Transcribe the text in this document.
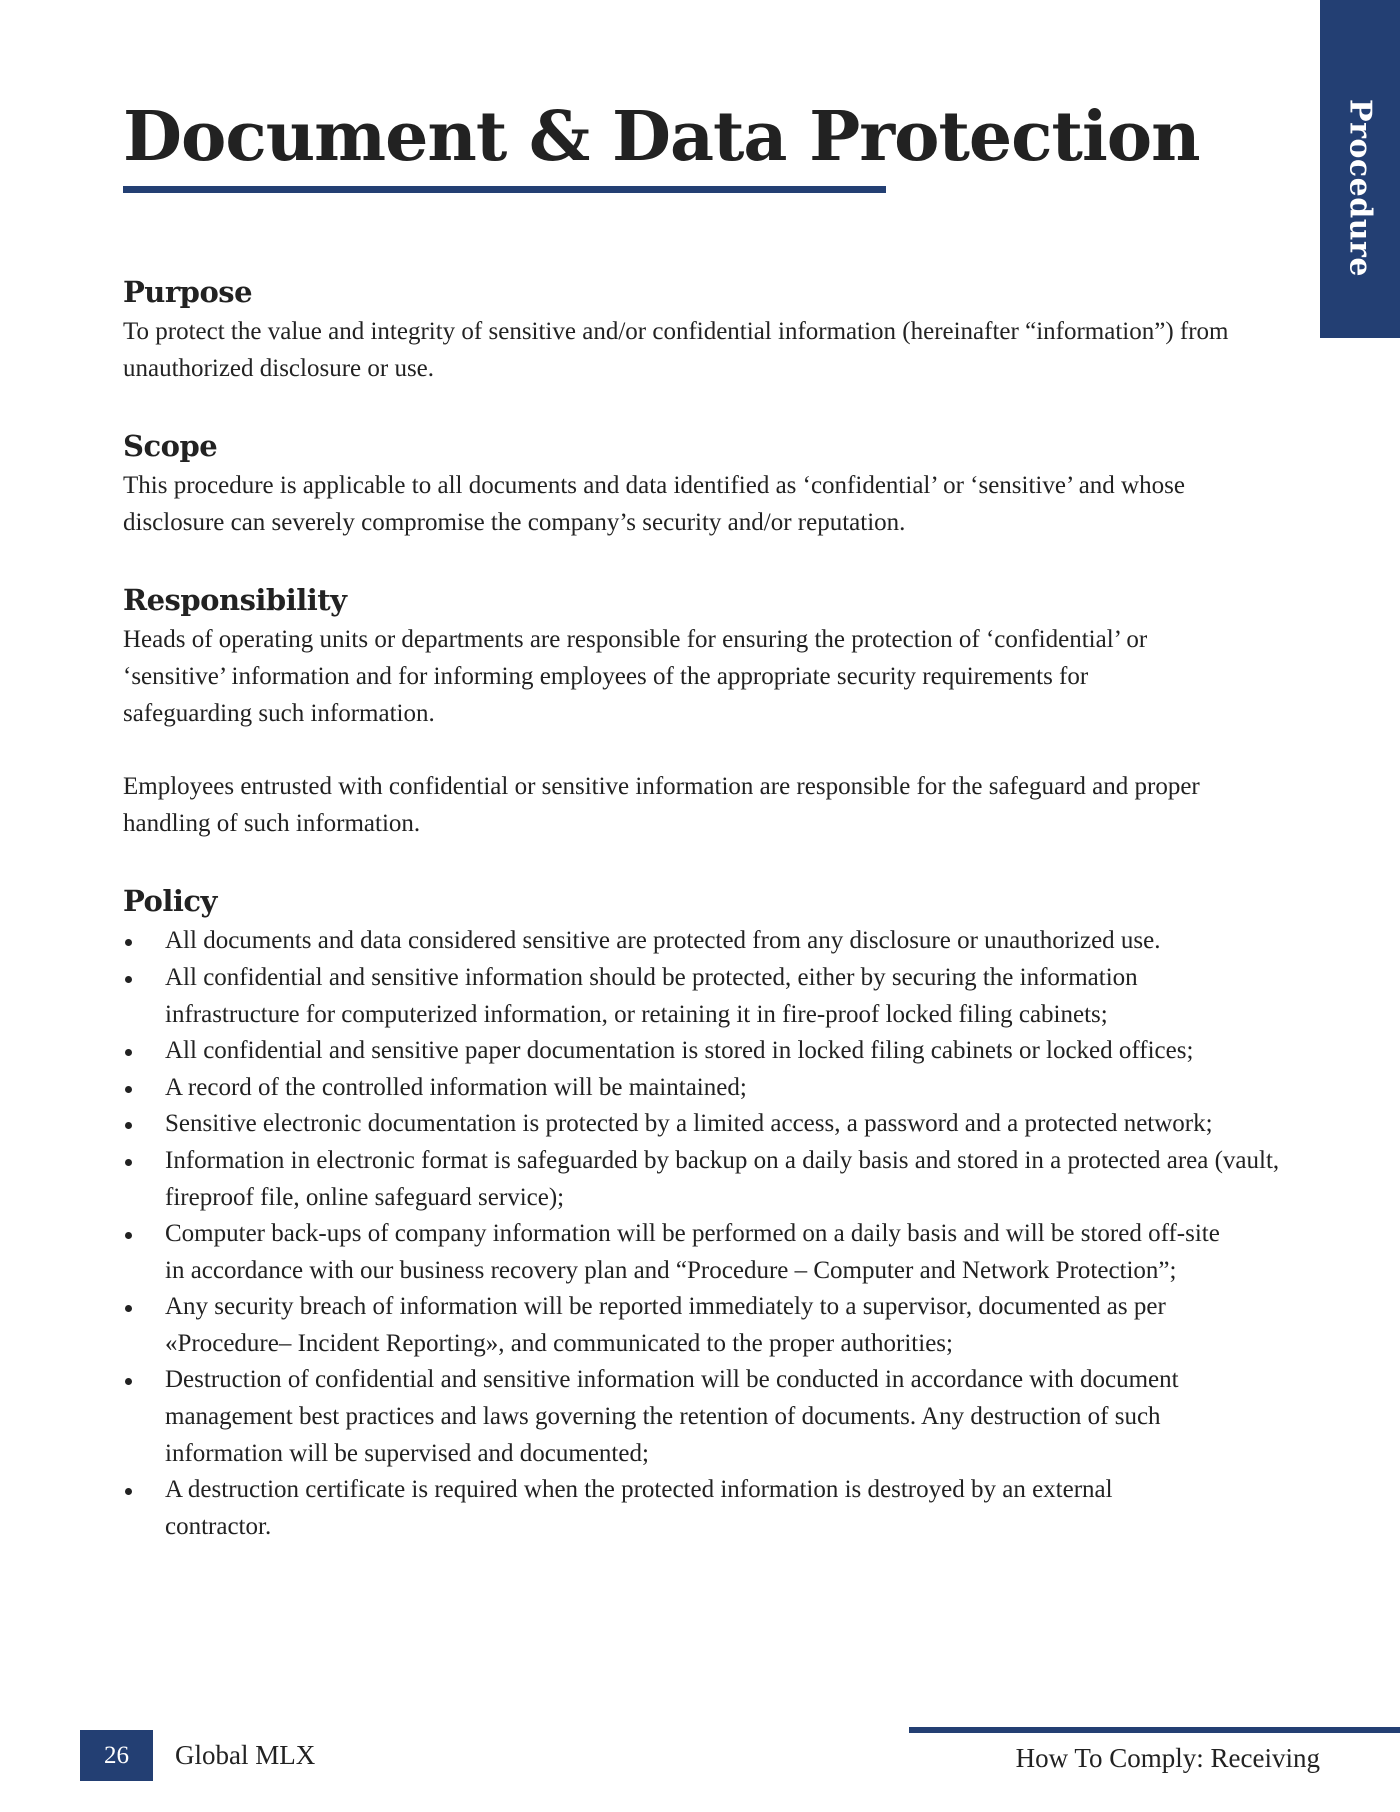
Procedure
Document & Data Protection
Purpose

To protect the value and integrity of sensitive and/or confidential information (hereinafter “information”) from unauthorized disclosure or use.

Scope

This procedure is applicable to all documents and data identified as ‘confidential’ or ‘sensitive’ and whose disclosure can severely compromise the company’s security and/or reputation.

Responsibility

Heads of operating units or departments are responsible for ensuring the protection of ‘confidential’ or ‘sensitive’ information and for informing employees of the appropriate security requirements for safeguarding such information.

Employees entrusted with confidential or sensitive information are responsible for the safeguard and proper handling of such information.

Policy
All documents and data considered sensitive are protected from any disclosure or unauthorized use.
All confidential and sensitive information should be protected, either by securing the information infrastructure for computerized information, or retaining it in fire-proof locked filing cabinets;
All confidential and sensitive paper documentation is stored in locked filing cabinets or locked offices;
A record of the controlled information will be maintained;
Sensitive electronic documentation is protected by a limited access, a password and a protected network;
Information in electronic format is safeguarded by backup on a daily basis and stored in a protected area (vault, fireproof file, online safeguard service);
Computer back-ups of company information will be performed on a daily basis and will be stored off-site in accordance with our business recovery plan and “Procedure – Computer and Network Protection”;
Any security breach of information will be reported immediately to a supervisor, documented as per «Procedure– Incident Reporting», and communicated to the proper authorities;
Destruction of confidential and sensitive information will be conducted in accordance with document management best practices and laws governing the retention of documents. Any destruction of such information will be supervised and documented;
A destruction certificate is required when the protected information is destroyed by an external contractor.
26	Global MLX	How To Comply: Receiving
